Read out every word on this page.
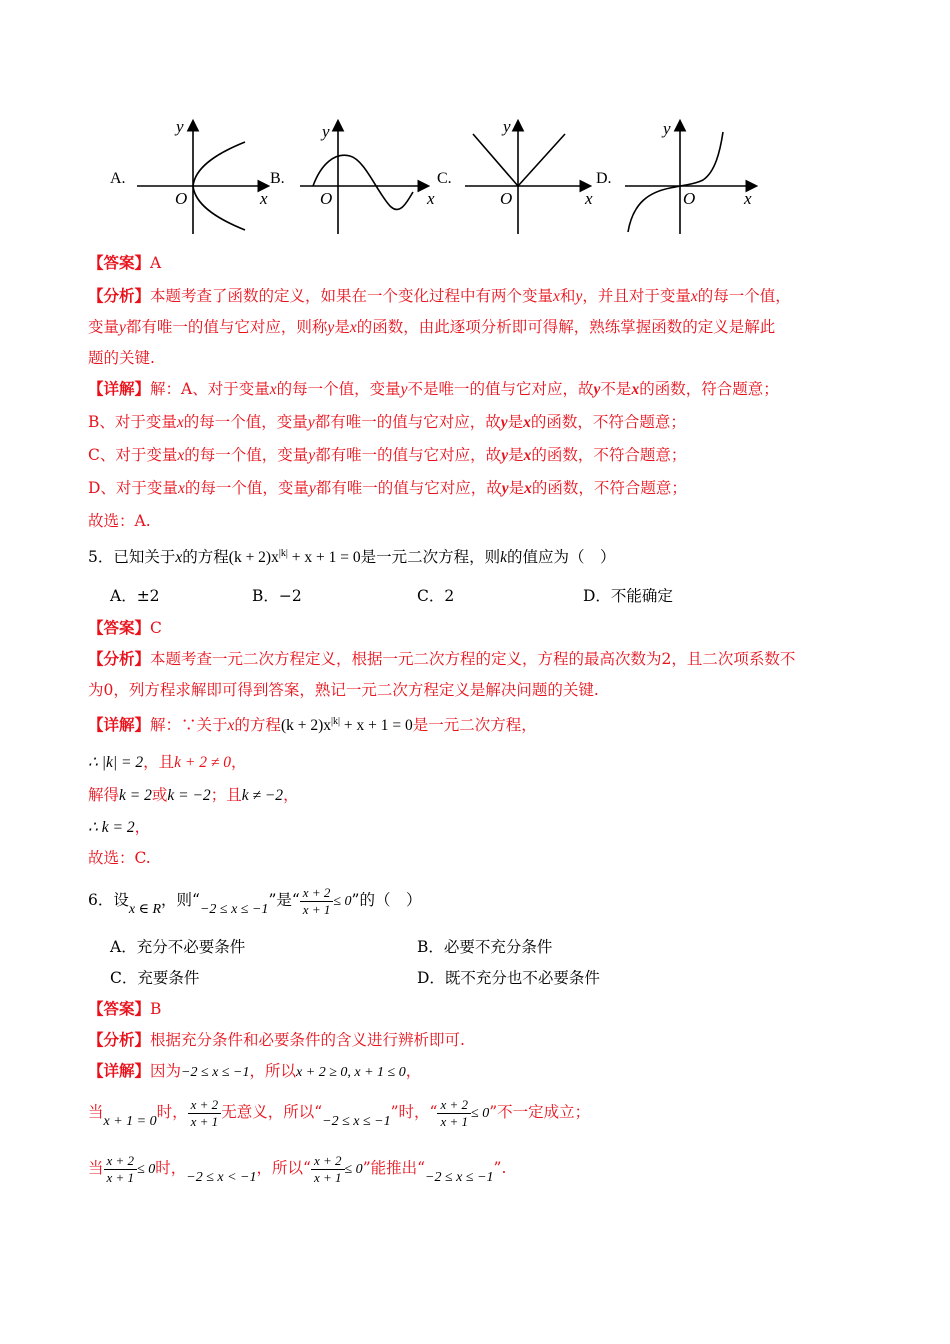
A.
y
O	x
B.
y
O	x
C.
y
O	x
D.
y
O	x
【答案】A
【分析】本题考查了函数的定义，如果在一个变化过程中有两个变量x和y，并且对于变量x的每一个值，
变量y都有唯一的值与它对应，则称y是x的函数，由此逐项分析即可得解，熟练掌握函数的定义是解此
题的关键.
【详解】解：A、对于变量x的每一个值，变量y不是唯一的值与它对应，故y不是x的函数，符合题意；
B、对于变量x的每一个值，变量y都有唯一的值与它对应，故y是x的函数，不符合题意；
C、对于变量x的每一个值，变量y都有唯一的值与它对应，故y是x的函数，不符合题意；
D、对于变量x的每一个值，变量y都有唯一的值与它对应，故y是x的函数，不符合题意；
故选：A.
5．已知关于x的方程$(k + 2)x^{|k|} + x + 1 = 0$是一元二次方程，则k的值应为（　）
A．±2	B．−2	C．2	D．不能确定
【答案】C
【分析】本题考查一元二次方程定义，根据一元二次方程的定义，方程的最高次数为2，且二次项系数不
为0，列方程求解即可得到答案，熟记一元二次方程定义是解决问题的关键.
【详解】解：∵关于x的方程$(k + 2)x^{|k|} + x + 1 = 0$是一元二次方程，
∴ |k| = 2，且k + 2 ≠ 0，
解得k = 2或k = −2；且k ≠ −2，
∴ k = 2，
故选：C.
6．设x ∈ R，则“−2 ≤ x ≤ −1”是“ $\frac{x + 2}{x + 1} \le 0$”的（　）
A．充分不必要条件	B．必要不充分条件
C．充要条件	D．既不充分也不必要条件
【答案】B
【分析】根据充分条件和必要条件的含义进行辨析即可.
【详解】因为−2 ≤ x ≤ −1，所以x + 2 ≥ 0, x + 1 ≤ 0，
当x + 1 = 0时， $\frac{x + 2}{x + 1}$ 无意义，所以“−2 ≤ x ≤ −1”时，“ $\frac{x + 2}{x + 1} \le 0$”不一定成立；
当 $\frac{x + 2}{x + 1} \le 0$时，−2 ≤ x < −1，所以“ $\frac{x + 2}{x + 1} \le 0$”能推出“−2 ≤ x ≤ −1”.
